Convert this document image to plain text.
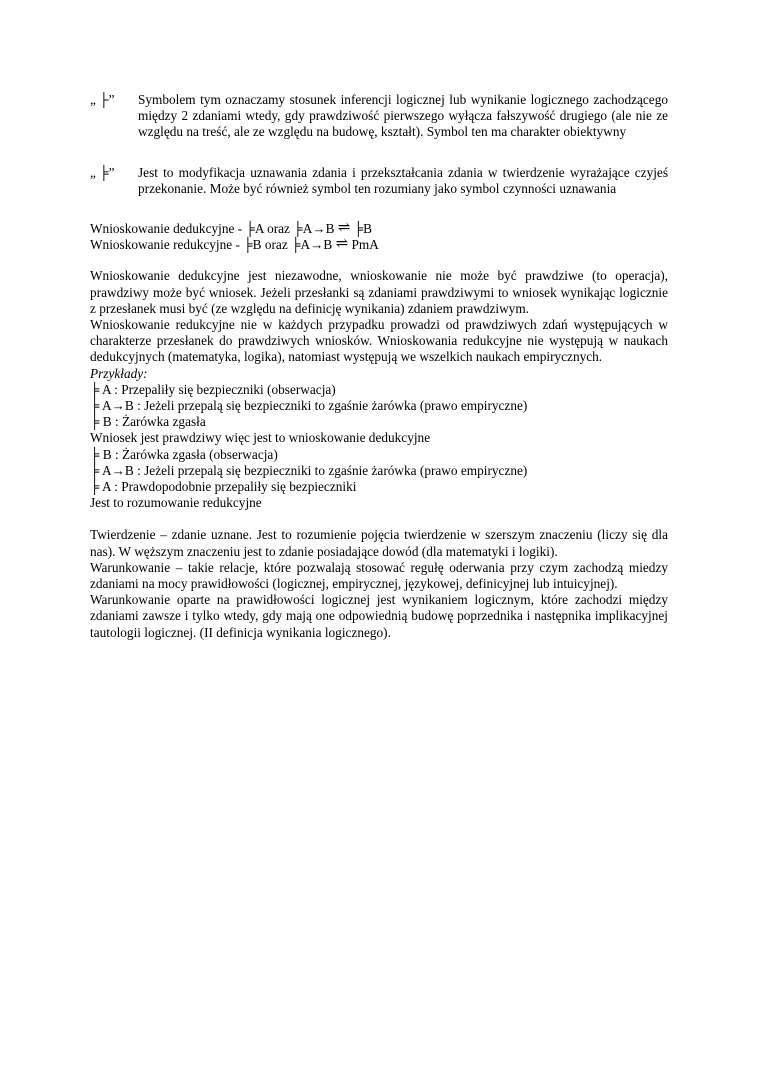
„ ├”	Symbolem tym oznaczamy stosunek inferencji logicznej lub wynikanie logicznego zachodzącego między 2 zdaniami wtedy, gdy prawdziwość pierwszego wyłącza fałszywość drugiego (ale nie ze względu na treść, ale ze względu na budowę, kształt). Symbol ten ma charakter obiektywny
„ ╞”	Jest to modyfikacja uznawania zdania i przekształcania zdania w twierdzenie wyrażające czyjeś przekonanie. Może być również symbol ten rozumiany jako symbol czynności uznawania
Wnioskowanie dedukcyjne - ╞A oraz ╞A→B ⇌ ╞B
Wnioskowanie redukcyjne - ╞B oraz ╞A→B ⇌ PmA
Wnioskowanie dedukcyjne jest niezawodne, wnioskowanie nie może być prawdziwe (to operacja), prawdziwy może być wniosek. Jeżeli przesłanki są zdaniami prawdziwymi to wniosek wynikając logicznie z przesłanek musi być (ze względu na definicję wynikania) zdaniem prawdziwym.
Wnioskowanie redukcyjne nie w każdych przypadku prowadzi od prawdziwych zdań występujących w charakterze przesłanek do prawdziwych wniosków. Wnioskowania redukcyjne nie występują w naukach dedukcyjnych (matematyka, logika), natomiast występują we wszelkich naukach empirycznych.
Przykłady:
╞ A : Przepaliły się bezpieczniki (obserwacja)
╞ A→B : Jeżeli przepalą się bezpieczniki to zgaśnie żarówka (prawo empiryczne)
╞ B : Żarówka zgasła
Wniosek jest prawdziwy więc jest to wnioskowanie dedukcyjne
╞ B : Żarówka zgasła (obserwacja)
╞ A→B : Jeżeli przepalą się bezpieczniki to zgaśnie żarówka (prawo empiryczne)
╞ A : Prawdopodobnie przepaliły się bezpieczniki
Jest to rozumowanie redukcyjne
Twierdzenie – zdanie uznane. Jest to rozumienie pojęcia twierdzenie w szerszym znaczeniu (liczy się dla nas). W węższym znaczeniu jest to zdanie posiadające dowód (dla matematyki i logiki).
Warunkowanie – takie relacje, które pozwalają stosować regułę oderwania przy czym zachodzą miedzy zdaniami na mocy prawidłowości (logicznej, empirycznej, językowej, definicyjnej lub intuicyjnej).
Warunkowanie oparte na prawidłowości logicznej jest wynikaniem logicznym, które zachodzi między zdaniami zawsze i tylko wtedy, gdy mają one odpowiednią budowę poprzednika i następnika implikacyjnej tautologii logicznej. (II definicja wynikania logicznego).
